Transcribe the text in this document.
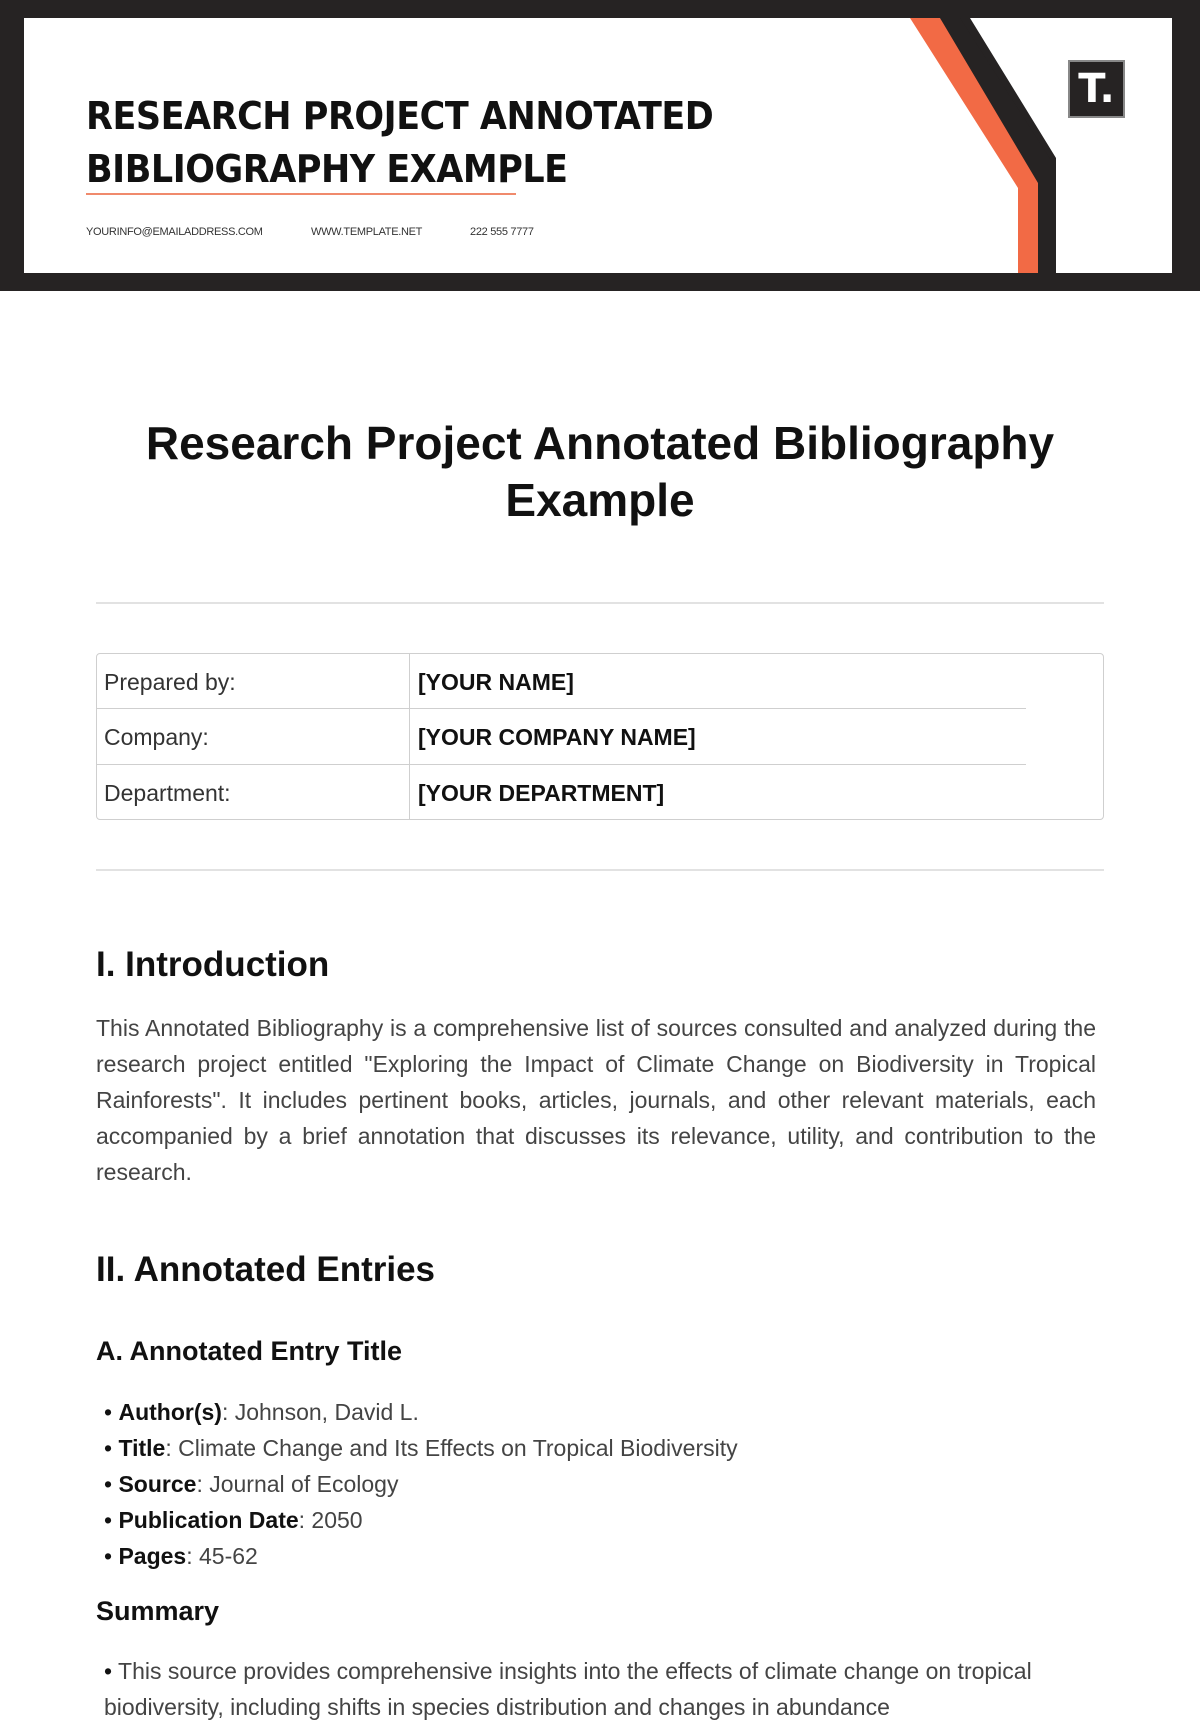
RESEARCH PROJECT ANNOTATED
BIBLIOGRAPHY EXAMPLE
YOURINFO@EMAILADDRESS.COM	WWW.TEMPLATE.NET	222 555 7777
T.
Research Project Annotated Bibliography
Example
Prepared by:	[YOUR NAME]
Company:	[YOUR COMPANY NAME]
Department:	[YOUR DEPARTMENT]
I. Introduction

This Annotated Bibliography is a comprehensive list of sources consulted and analyzed during the research project entitled "Exploring the Impact of Climate Change on Biodiversity in Tropical Rainforests". It includes pertinent books, articles, journals, and other relevant materials, each accompanied by a brief annotation that discusses its relevance, utility, and contribution to the research.

II. Annotated Entries
A. Annotated Entry Title
• Author(s): Johnson, David L.
• Title: Climate Change and Its Effects on Tropical Biodiversity
• Source: Journal of Ecology
• Publication Date: 2050
• Pages: 45-62
Summary
• This source provides comprehensive insights into the effects of climate change on tropical biodiversity, including shifts in species distribution and changes in abundance
